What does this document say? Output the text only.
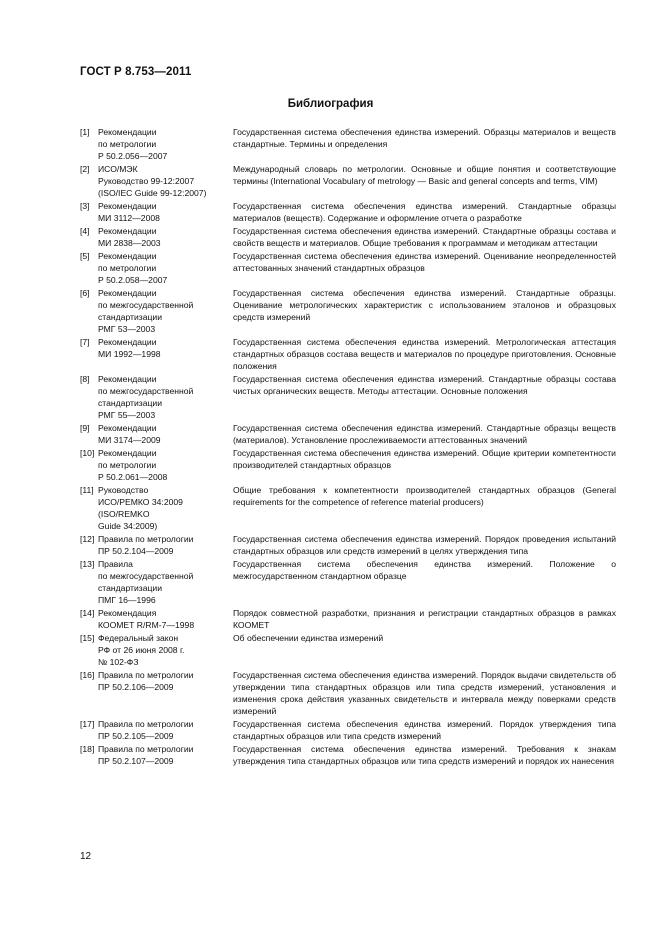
ГОСТ Р 8.753—2011
Библиография
[1] Рекомендации
по метрологии
Р 50.2.056—2007
Государственная система обеспечения единства измерений. Образцы материалов и веществ стандартные. Термины и определения
[2] ИСО/МЭК
Руководство 99-12:2007
(ISO/IEC Guide 99-12:2007)
Международный словарь по метрологии. Основные и общие понятия и соответствующие термины (International Vocabulary of metrology — Basic and general concepts and terms, VIM)
[3] Рекомендации
МИ 3112—2008
Государственная система обеспечения единства измерений. Стандартные образцы материалов (веществ). Содержание и оформление отчета о разработке
[4] Рекомендации
МИ 2838—2003
Государственная система обеспечения единства измерений. Стандартные образцы состава и свойств веществ и материалов. Общие требования к программам и методикам аттестации
[5] Рекомендации
по метрологии
Р 50.2.058—2007
Государственная система обеспечения единства измерений. Оценивание неопределенностей аттестованных значений стандартных образцов
[6] Рекомендации
по межгосударственной
стандартизации
РМГ 53—2003
Государственная система обеспечения единства измерений. Стандартные образцы. Оценивание метрологических характеристик с использованием эталонов и образцовых средств измерений
[7] Рекомендации
МИ 1992—1998
Государственная система обеспечения единства измерений. Метрологическая аттестация стандартных образцов состава веществ и материалов по процедуре приготовления. Основные положения
[8] Рекомендации
по межгосударственной
стандартизации
РМГ 55—2003
Государственная система обеспечения единства измерений. Стандартные образцы состава чистых органических веществ. Методы аттестации. Основные положения
[9] Рекомендации
МИ 3174—2009
Государственная система обеспечения единства измерений. Стандартные образцы веществ (материалов). Установление прослеживаемости аттестованных значений
[10] Рекомендации
по метрологии
Р 50.2.061—2008
Государственная система обеспечения единства измерений. Общие критерии компетентности производителей стандартных образцов
[11] Руководство
ИСО/РЕМКО 34:2009
(ISO/REMKO
Guide 34:2009)
Общие требования к компетентности производителей стандартных образцов (General requirements for the competence of reference material producers)
[12] Правила по метрологии
ПР 50.2.104—2009
Государственная система обеспечения единства измерений. Порядок проведения испытаний стандартных образцов или средств измерений в целях утверждения типа
[13] Правила
по межгосударственной
стандартизации
ПМГ 16—1996
Государственная система обеспечения единства измерений. Положение о межгосударственном стандартном образце
[14] Рекомендация
КООМЕТ R/RM-7—1998
Порядок совместной разработки, признания и регистрации стандартных образцов в рамках КООМЕТ
[15] Федеральный закон
РФ от 26 июня 2008 г.
№ 102-ФЗ
Об обеспечении единства измерений
[16] Правила по метрологии
ПР 50.2.106—2009
Государственная система обеспечения единства измерений. Порядок выдачи свидетельств об утверждении типа стандартных образцов или типа средств измерений, установления и изменения срока действия указанных свидетельств и интервала между поверками средств измерений
[17] Правила по метрологии
ПР 50.2.105—2009
Государственная система обеспечения единства измерений. Порядок утверждения типа стандартных образцов или типа средств измерений
[18] Правила по метрологии
ПР 50.2.107—2009
Государственная система обеспечения единства измерений. Требования к знакам утверждения типа стандартных образцов или типа средств измерений и порядок их нанесения
12
